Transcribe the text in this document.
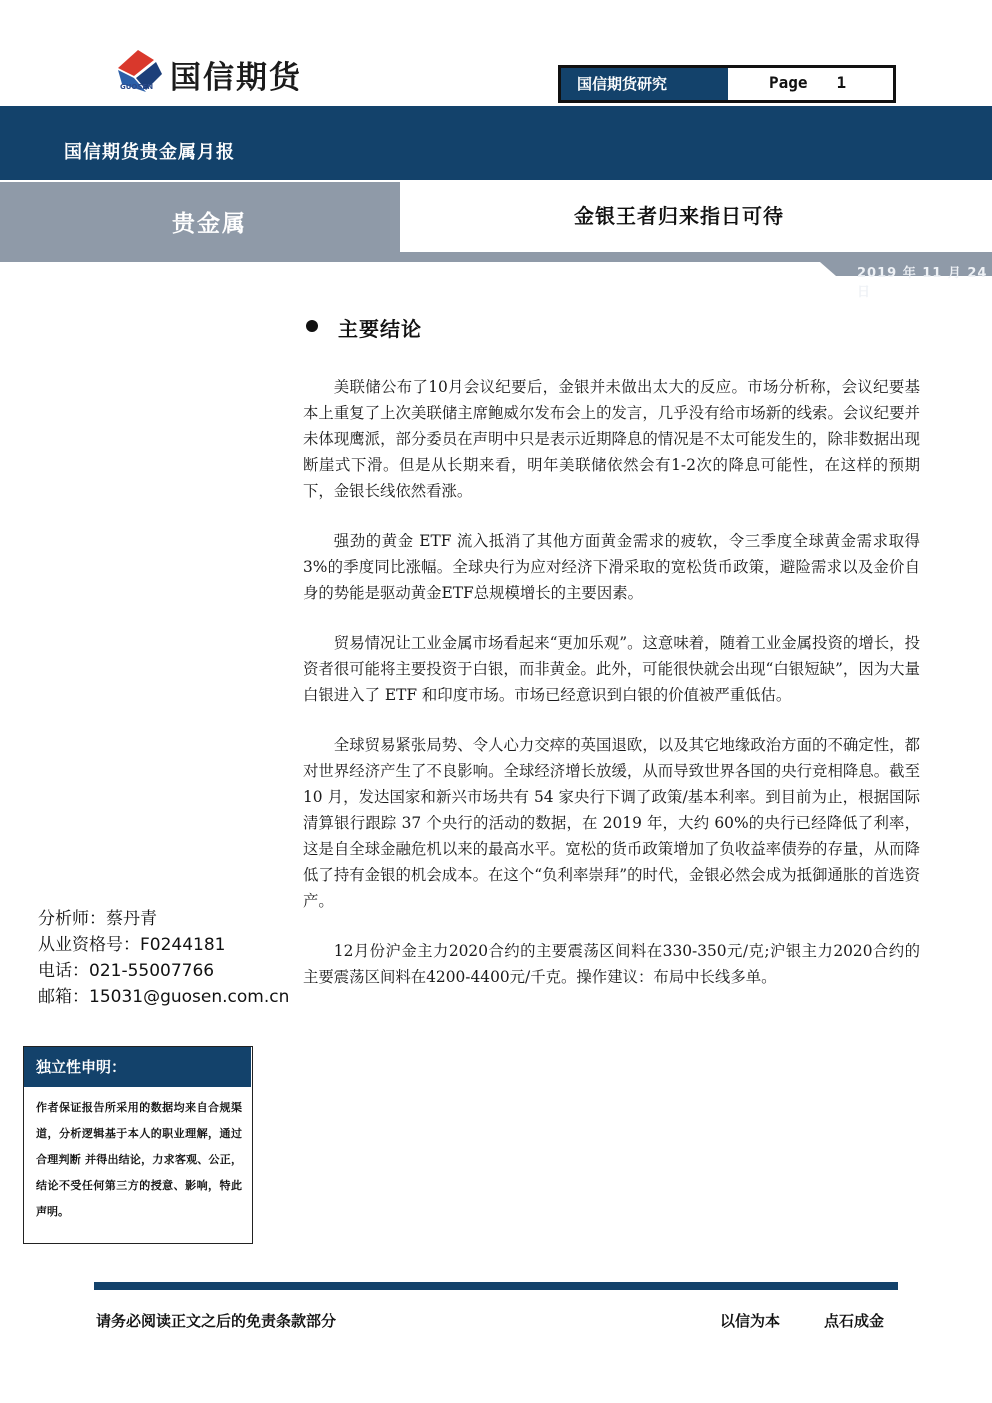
国信期货
GUOSEN	国信期货研究	Page 1
国信期货贵金属月报
贵金属	金银王者归来指日可待
2019 年 11 月 24 日
主要结论

美联储公布了10月会议纪要后，金银并未做出太大的反应。市场分析称，会议纪要基本上重复了上次美联储主席鲍威尔发布会上的发言，几乎没有给市场新的线索。会议纪要并未体现鹰派，部分委员在声明中只是表示近期降息的情况是不太可能发生的，除非数据出现断崖式下滑。但是从长期来看，明年美联储依然会有1-2次的降息可能性，在这样的预期下，金银长线依然看涨。

强劲的黄金 ETF 流入抵消了其他方面黄金需求的疲软，令三季度全球黄金需求取得 3%的季度同比涨幅。全球央行为应对经济下滑采取的宽松货币政策，避险需求以及金价自身的势能是驱动黄金ETF总规模增长的主要因素。

贸易情况让工业金属市场看起来“更加乐观”。这意味着，随着工业金属投资的增长，投资者很可能将主要投资于白银，而非黄金。此外，可能很快就会出现“白银短缺”，因为大量白银进入了 ETF 和印度市场。市场已经意识到白银的价值被严重低估。

全球贸易紧张局势、令人心力交瘁的英国退欧，以及其它地缘政治方面的不确定性，都对世界经济产生了不良影响。全球经济增长放缓，从而导致世界各国的央行竞相降息。截至 10 月，发达国家和新兴市场共有 54 家央行下调了政策/基本利率。到目前为止，根据国际清算银行跟踪 37 个央行的活动的数据，在 2019 年，大约 60%的央行已经降低了利率，这是自全球金融危机以来的最高水平。宽松的货币政策增加了负收益率债券的存量，从而降低了持有金银的机会成本。在这个“负利率崇拜”的时代，金银必然会成为抵御通胀的首选资产。

12月份沪金主力2020合约的主要震荡区间料在330-350元/克;沪银主力2020合约的主要震荡区间料在4200-4400元/千克。操作建议：布局中长线多单。

分析师：蔡丹青
从业资格号：F0244181
电话：021-55007766
邮箱：15031@guosen.com.cn
独立性申明：
作者保证报告所采用的数据均来自合规渠道，分析逻辑基于本人的职业理解，通过合理判断 并得出结论，力求客观、公正，结论不受任何第三方的授意、影响，特此声明。
请务必阅读正文之后的免责条款部分	以信为本	点石成金
